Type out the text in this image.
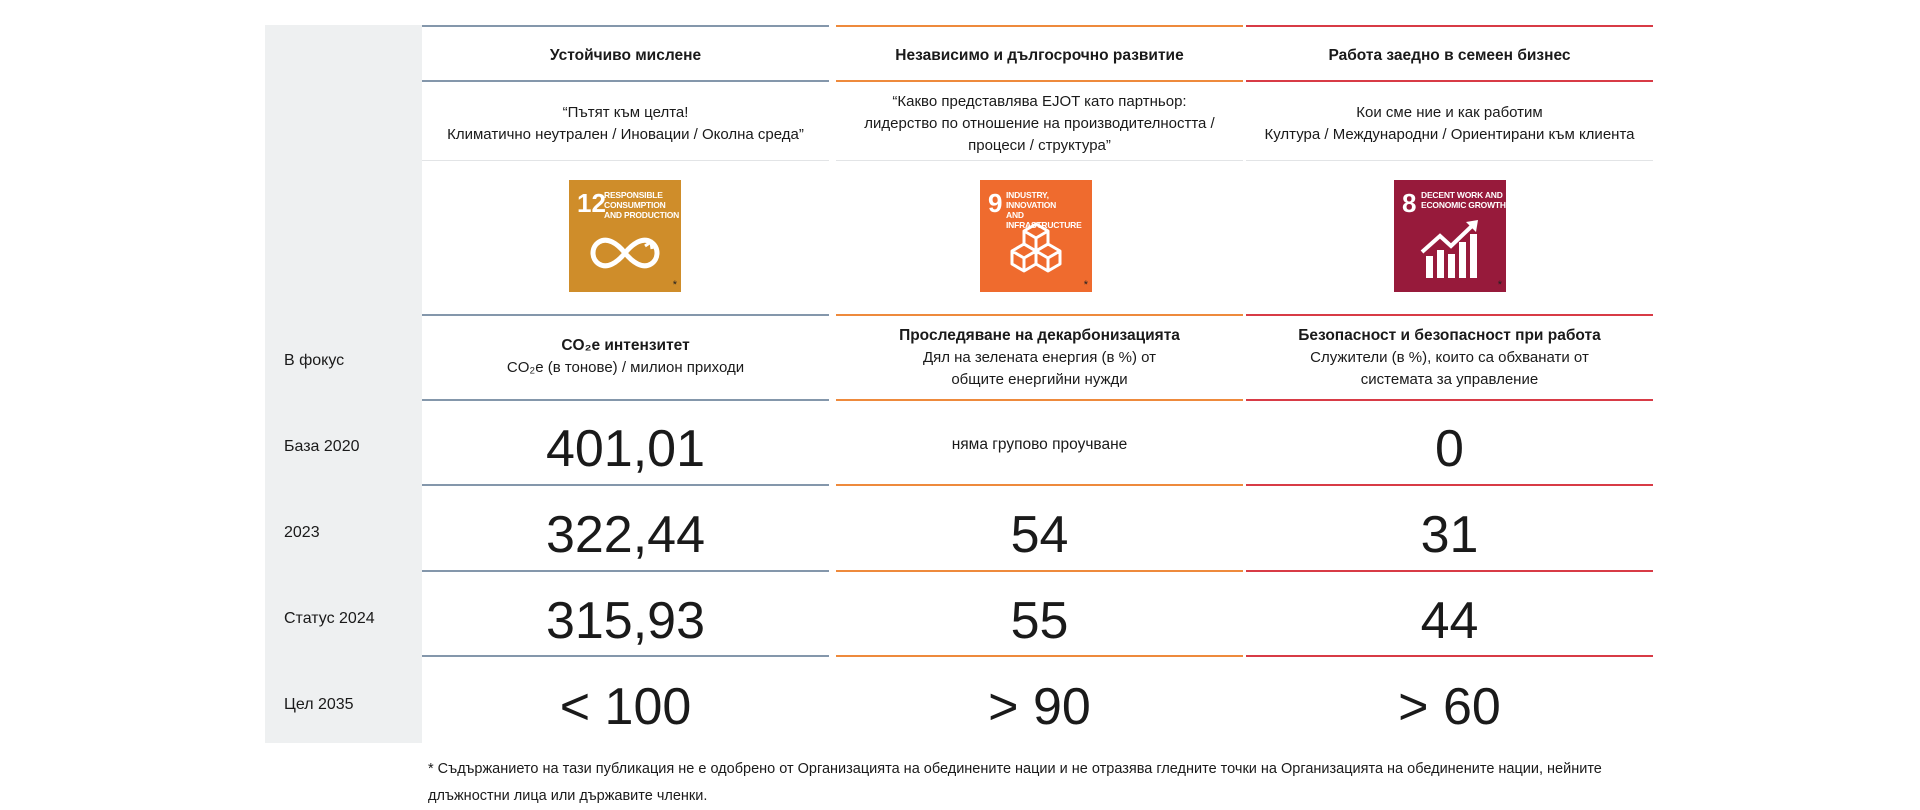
В фокус
База 2020
2023
Статус 2024
Цел 2035
Устойчиво мислене
“Пътят към целта!
Климатично неутрален / Иновации / Околна среда”
12
RESPONSIBLE
CONSUMPTION
AND PRODUCTION
*
CO₂e интензитет
CO₂e (в тонове) / милион приходи
401,01
322,44
315,93
< 100
Независимо и дългосрочно развитие
“Какво представлява EJOT като партньор:
лидерство по отношение на производителността /
процеси / структура”
9 INDUSTRY, INNOVATION
AND INFRASTRUCTURE
*
Проследяване на декарбонизацията
Дял на зелената енергия (в %) от
общите енергийни нужди
няма групово проучване
54
55
> 90
Работа заедно в семеен бизнес
Кои сме ние и как работим
Култура / Международни / Ориентирани към клиента
8 DECENT WORK AND
ECONOMIC GROWTH
*
Безопасност и безопасност при работа
Служители (в %), които са обхванати от
системата за управление
0
31
44
> 60
* Съдържанието на тази публикация не е одобрено от Организацията на обединените нации и не отразява гледните точки на Организацията на обединените нации, нейните длъжностни лица или държавите членки.
